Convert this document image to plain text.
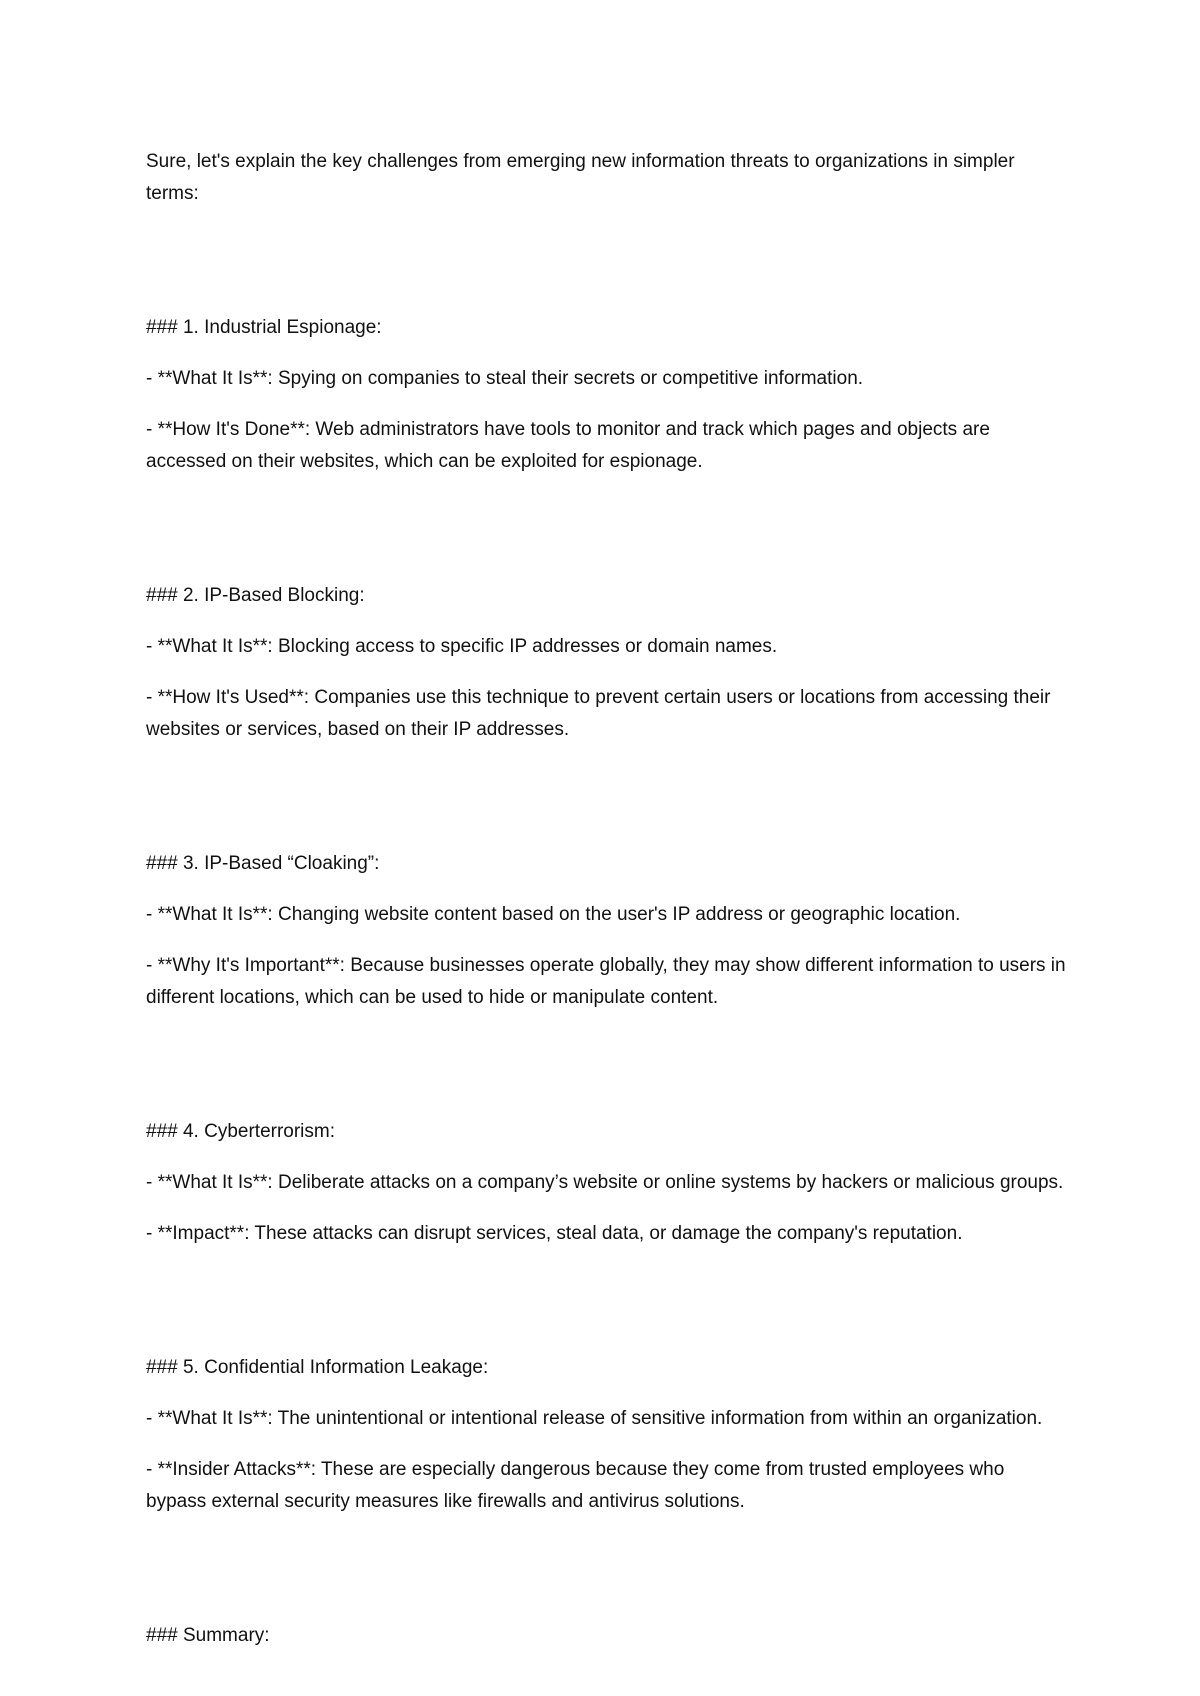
Sure, let's explain the key challenges from emerging new information threats to organizations in simpler terms:

### 1. Industrial Espionage:

- **What It Is**: Spying on companies to steal their secrets or competitive information.

- **How It's Done**: Web administrators have tools to monitor and track which pages and objects are accessed on their websites, which can be exploited for espionage.

### 2. IP-Based Blocking:

- **What It Is**: Blocking access to specific IP addresses or domain names.

- **How It's Used**: Companies use this technique to prevent certain users or locations from accessing their websites or services, based on their IP addresses.

### 3. IP-Based “Cloaking”:

- **What It Is**: Changing website content based on the user's IP address or geographic location.

- **Why It's Important**: Because businesses operate globally, they may show different information to users in different locations, which can be used to hide or manipulate content.

### 4. Cyberterrorism:

- **What It Is**: Deliberate attacks on a company’s website or online systems by hackers or malicious groups.

- **Impact**: These attacks can disrupt services, steal data, or damage the company's reputation.

### 5. Confidential Information Leakage:

- **What It Is**: The unintentional or intentional release of sensitive information from within an organization.

- **Insider Attacks**: These are especially dangerous because they come from trusted employees who bypass external security measures like firewalls and antivirus solutions.

### Summary:
